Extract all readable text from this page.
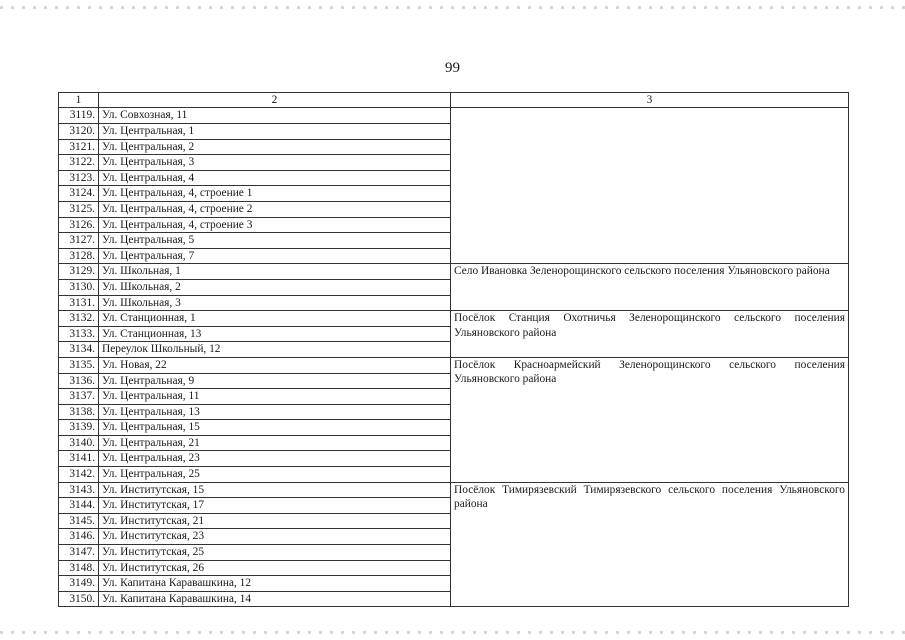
99
1	2	3
3119.	Ул. Совхозная, 11	
3120.	Ул. Центральная, 1	
3121.	Ул. Центральная, 2	
3122.	Ул. Центральная, 3	
3123.	Ул. Центральная, 4	
3124.	Ул. Центральная, 4, строение 1	
3125.	Ул. Центральная, 4, строение 2	
3126.	Ул. Центральная, 4, строение 3	
3127.	Ул. Центральная, 5	
3128.	Ул. Центральная, 7	
3129.	Ул. Школьная, 1	Село Ивановка Зеленорощинского сельского поселения Ульяновского района
3130.	Ул. Школьная, 2	
3131.	Ул. Школьная, 3	
3132.	Ул. Станционная, 1	Посёлок Станция Охотничья Зеленорощинского сельского поселения Ульяновского района
3133.	Ул. Станционная, 13	
3134.	Переулок Школьный, 12	
3135.	Ул. Новая, 22	Посёлок Красноармейский Зеленорощинского сельского поселения Ульяновского района
3136.	Ул. Центральная, 9	
3137.	Ул. Центральная, 11	
3138.	Ул. Центральная, 13	
3139.	Ул. Центральная, 15	
3140.	Ул. Центральная, 21	
3141.	Ул. Центральная, 23	
3142.	Ул. Центральная, 25	
3143.	Ул. Институтская, 15	Посёлок Тимирязевский Тимирязевского сельского поселения Ульяновского района
3144.	Ул. Институтская, 17	
3145.	Ул. Институтская, 21	
3146.	Ул. Институтская, 23	
3147.	Ул. Институтская, 25	
3148.	Ул. Институтская, 26	
3149.	Ул. Капитана Каравашкина, 12	
3150.	Ул. Капитана Каравашкина, 14	
